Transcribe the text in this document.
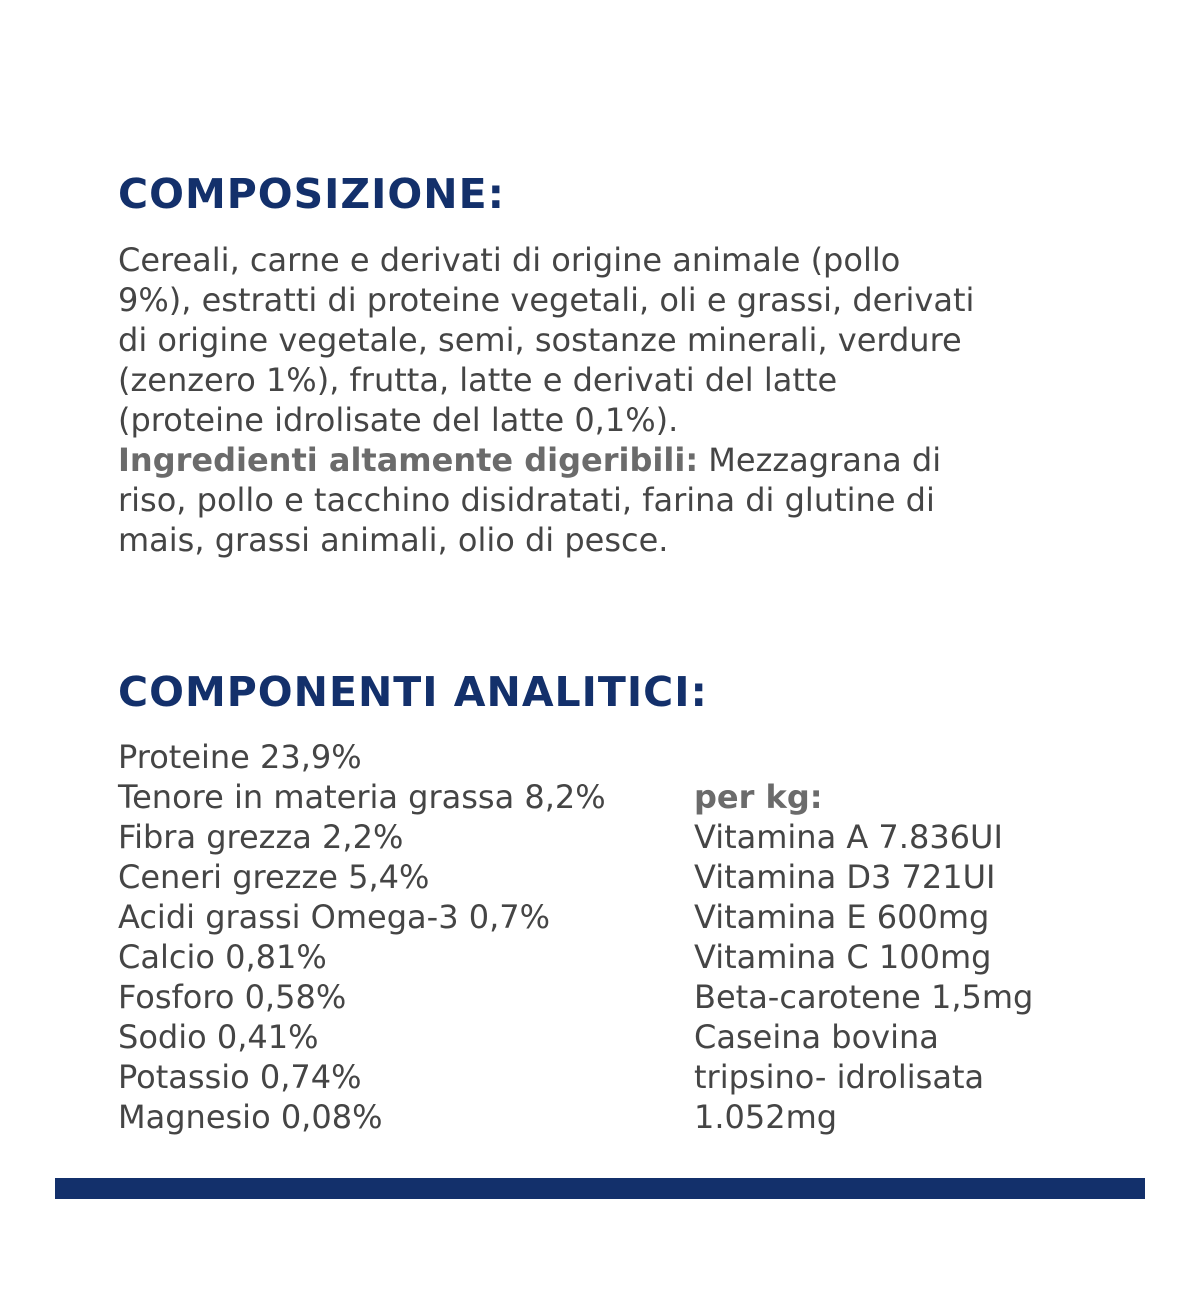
COMPOSIZIONE:
Cereali, carne e derivati di origine animale (pollo
9%), estratti di proteine vegetali, oli e grassi, derivati
di origine vegetale, semi, sostanze minerali, verdure
(zenzero 1%), frutta, latte e derivati del latte
(proteine idrolisate del latte 0,1%).
Ingredienti altamente digeribili: Mezzagrana di
riso, pollo e tacchino disidratati, farina di glutine di
mais, grassi animali, olio di pesce.
COMPONENTI ANALITICI:
Proteine 23,9%
Tenore in materia grassa 8,2%
Fibra grezza 2,2%
Ceneri grezze 5,4%
Acidi grassi Omega-3 0,7%
Calcio 0,81%
Fosforo 0,58%
Sodio 0,41%
Potassio 0,74%
Magnesio 0,08%
per kg:
Vitamina A 7.836UI
Vitamina D3 721UI
Vitamina E 600mg
Vitamina C 100mg
Beta-carotene 1,5mg
Caseina bovina
tripsino- idrolisata
1.052mg
